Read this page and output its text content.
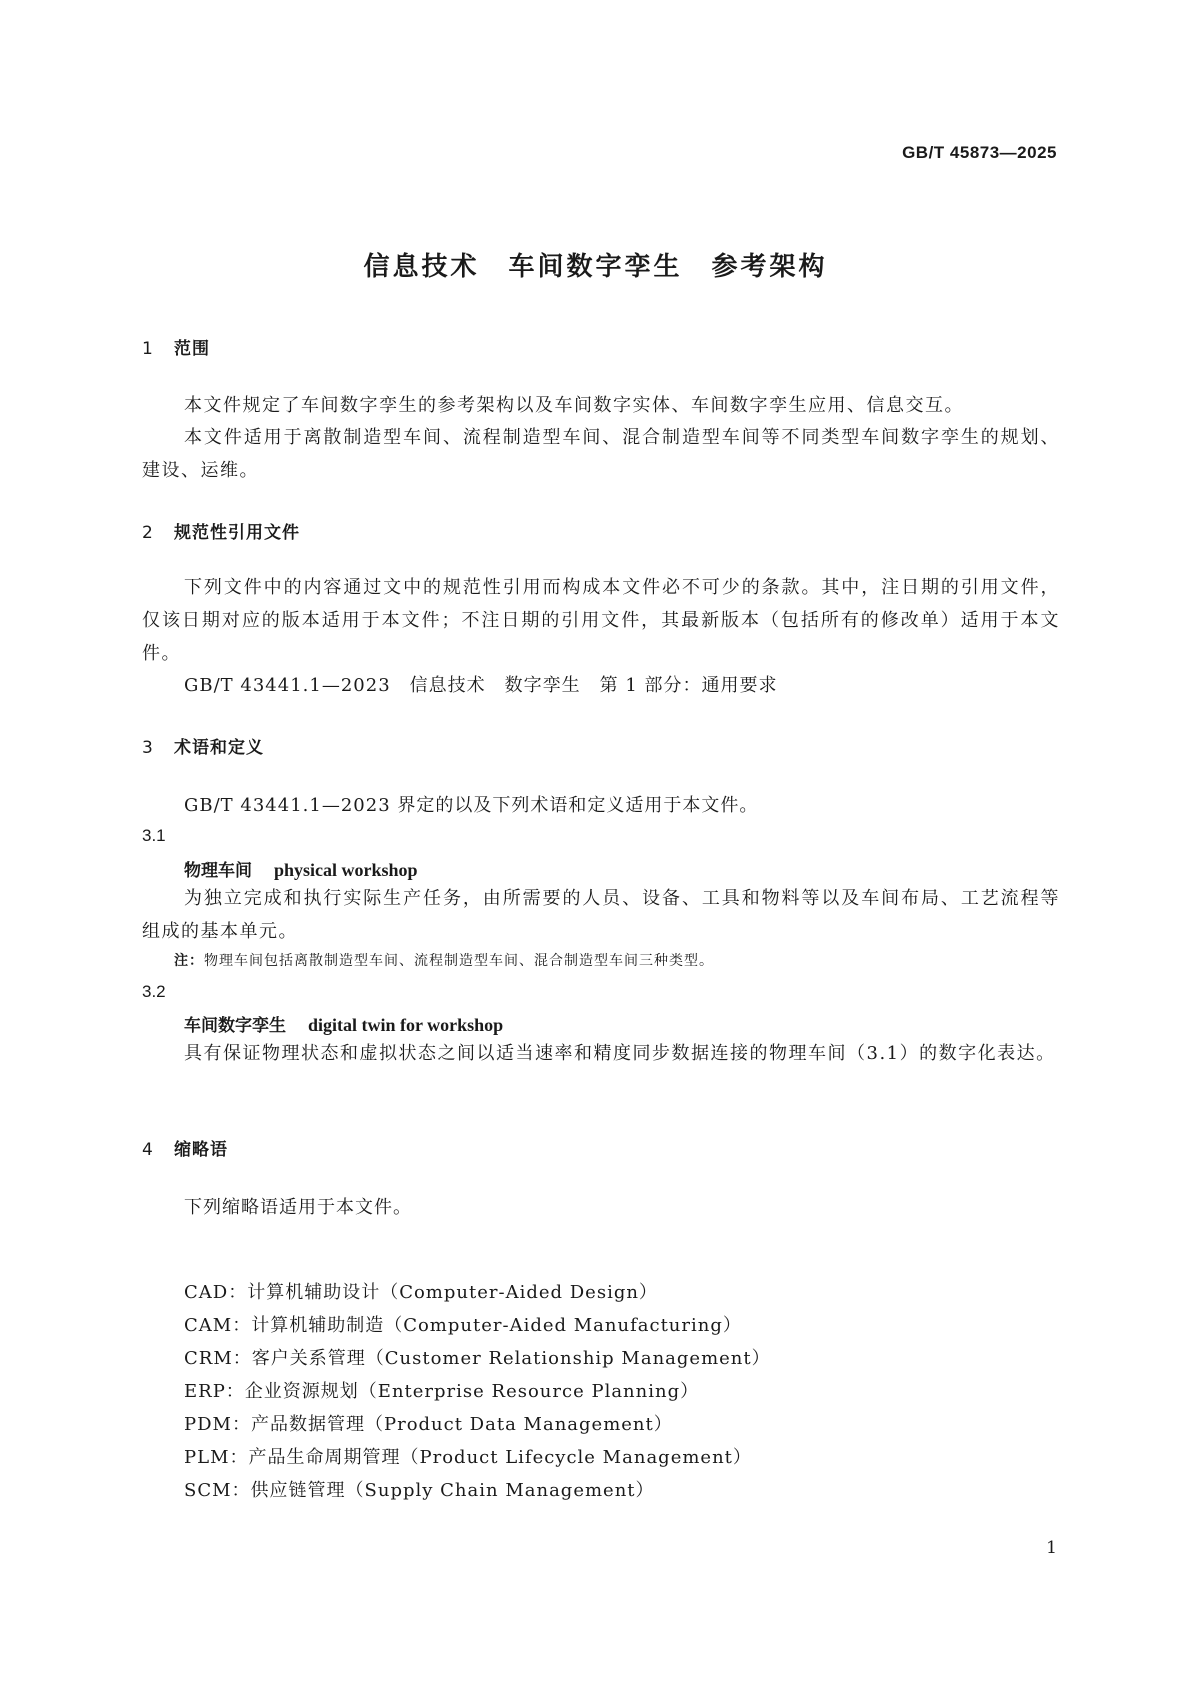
GB/T 45873—2025
信息技术　车间数字孪生　参考架构
1 范围
本文件规定了车间数字孪生的参考架构以及车间数字实体、车间数字孪生应用、信息交互。
本文件适用于离散制造型车间、流程制造型车间、混合制造型车间等不同类型车间数字孪生的规划、建设、运维。
2 规范性引用文件
下列文件中的内容通过文中的规范性引用而构成本文件必不可少的条款。其中，注日期的引用文件，仅该日期对应的版本适用于本文件；不注日期的引用文件，其最新版本（包括所有的修改单）适用于本文件。
GB/T 43441.1—2023　信息技术　数字孪生　第 1 部分：通用要求
3 术语和定义
GB/T 43441.1—2023 界定的以及下列术语和定义适用于本文件。
3.1
物理车间 physical workshop
为独立完成和执行实际生产任务，由所需要的人员、设备、工具和物料等以及车间布局、工艺流程等组成的基本单元。
注：物理车间包括离散制造型车间、流程制造型车间、混合制造型车间三种类型。
3.2
车间数字孪生 digital twin for workshop
具有保证物理状态和虚拟状态之间以适当速率和精度同步数据连接的物理车间（3.1）的数字化表达。
4 缩略语
下列缩略语适用于本文件。
CAD：计算机辅助设计（Computer-Aided Design）
CAM：计算机辅助制造（Computer-Aided Manufacturing）
CRM：客户关系管理（Customer Relationship Management）
ERP：企业资源规划（Enterprise Resource Planning）
PDM：产品数据管理（Product Data Management）
PLM：产品生命周期管理（Product Lifecycle Management）
SCM：供应链管理（Supply Chain Management）
1
